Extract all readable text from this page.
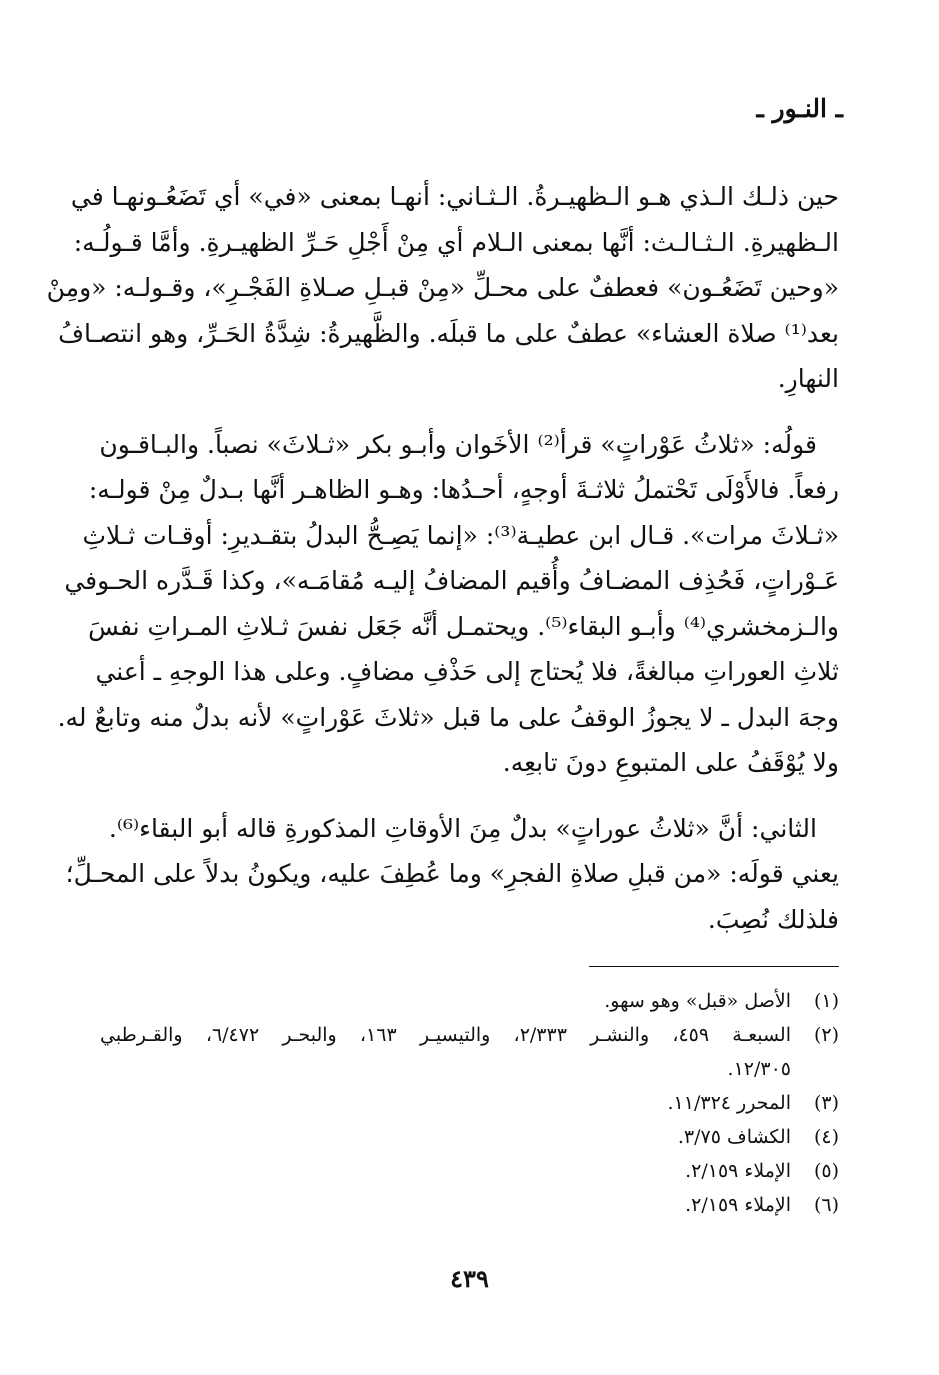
ـ النـور ـ

حين ذلـك الـذي هـو الـظهيـرةُ. الـثـاني: أنهـا بمعنى «في» أي تَضَعُـونهـا في
الـظهيرةِ. الـثـالـث: أنَّها بمعنى الـلام أي مِنْ أَجْلِ حَـرِّ الظهيـرةِ. وأمَّا قـولُـه:
«وحين تَضَعُـون» فعطفٌ على محـلِّ «مِنْ قبـلِ صـلاةِ الفَجْـرِ»، وقـولـه: «ومِنْ
بعد⁽¹⁾ صلاة العشاء» عطفٌ على ما قبلَه. والظَّهيرةُ: شِدَّةُ الحَـرِّ، وهو انتصـافُ
النهارِ.

قولُه: «ثلاثُ عَوْراتٍ» قرأ⁽²⁾ الأخَوان وأبـو بكر «ثـلاثَ» نصباً. والبـاقـون
رفعاً. فالأَوْلَى تَحْتملُ ثلاثـةَ أوجهٍ، أحـدُها: وهـو الظاهـر أنَّها بـدلٌ مِنْ قولـه:
«ثـلاثَ مرات». قـال ابن عطيـة⁽³⁾: «إنما يَصِـحُّ البدلُ بتقـديرِ: أوقـات ثـلاثِ
عَـوْراتٍ، فَحُذِف المضـافُ وأُقيم المضافُ إليـه مُقامَـه»، وكذا قَـدَّره الحـوفي
والـزمخشري⁽⁴⁾ وأبـو البقاء⁽⁵⁾. ويحتمـل أنَّه جَعَل نفسَ ثـلاثِ المـراتِ نفسَ
ثلاثِ العوراتِ مبالغةً، فلا يُحتاج إلى حَذْفِ مضافٍ. وعلى هذا الوجهِ ـ أعني
وجهَ البدل ـ لا يجوزُ الوقفُ على ما قبل «ثلاثَ عَوْراتٍ» لأنه بدلٌ منه وتابعٌ له.
ولا يُوْقَفُ على المتبوعِ دونَ تابعِه.

الثاني: أنَّ «ثلاثُ عوراتٍ» بدلٌ مِنَ الأوقاتِ المذكورةِ قاله أبو البقاء⁽⁶⁾.
يعني قولَه: «من قبلِ صلاةِ الفجرِ» وما عُطِفَ عليه، ويكونُ بدلاً على المحـلِّ؛
فلذلك نُصِبَ.

(١)
الأصل «قبل» وهو سهو.
(٢)
السبعـة ٤٥٩، والنشـر ٢/٣٣٣، والتيسيـر ١٦٣، والبحـر ٦/٤٧٢، والقـرطبي
١٢/٣٠٥.
(٣)
المحرر ١١/٣٢٤.
(٤)
الكشاف ٣/٧٥.
(٥)
الإملاء ٢/١٥٩.
(٦)
الإملاء ٢/١٥٩.
٤٣٩
